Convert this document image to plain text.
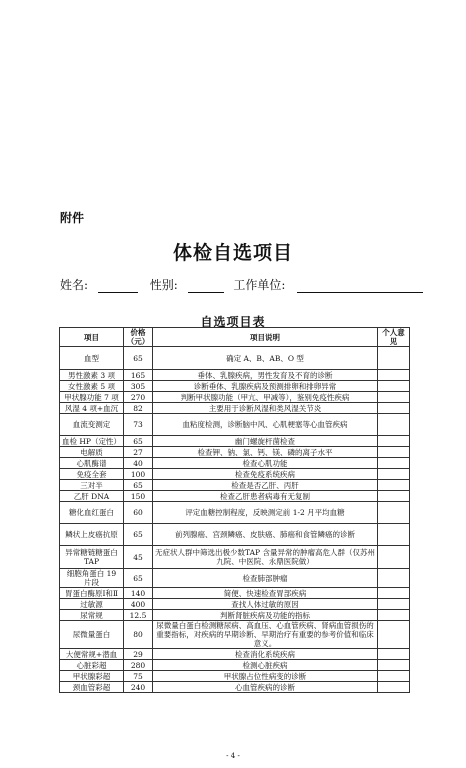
附件
体检自选项目
姓名:	性别:	工作单位:
自选项目表
项目	价格（元）	项目说明	个人意见
血型	65	确定 A、B、AB、O 型	
男性激素 3 项	165	垂体、乳腺疾病，男性发育及不育的诊断	
女性激素 5 项	305	诊断垂体、乳腺疾病及预测排卵和排卵异常	
甲状腺功能 7 项	270	判断甲状腺功能（甲亢、甲减等），鉴别免疫性疾病	
风湿 4 项+血沉	82	主要用于诊断风湿和类风湿关节炎	
血流变测定	73	血粘度检测，诊断脑中风、心肌梗塞等心血管疾病	
血检 HP（定性）	65	幽门螺旋杆菌检查	
电解质	27	检查钾、钠、氯、钙、镁、磷的离子水平	
心肌酶谱	40	检查心肌功能	
免疫全套	100	检查免疫系统疾病	
三对半	65	检查是否乙肝、丙肝	
乙肝 DNA	150	检查乙肝患者病毒有无复制	
糖化血红蛋白	60	评定血糖控制程度，反映测定前 1-2 月平均血糖	
鳞状上皮癌抗原	65	前列腺癌、宫颈鳞癌、皮肤癌、肺癌和食管鳞癌的诊断	
异常糖链糖蛋白 TAP	45	无症状人群中筛选出极少数TAP 含量异常的肿瘤高危人群（仅苏州九院、中医院、永鼎医院做）	
细胞角蛋白 19 片段	65	检查肺部肿瘤	
胃蛋白酶原Ⅰ和Ⅱ	140	简便、快速检查胃部疾病	
过敏源	400	查找人体过敏的原因	
尿常规	12.5	判断肾脏疾病及功能的指标	
尿微量蛋白	80	尿微量白蛋白检测糖尿病、高血压、心血管疾病、肾病血管损伤的重要指标，对疾病的早期诊断、早期治疗有重要的参考价值和临床意义。	
大便常规+潜血	29	检查消化系统疾病	
心脏彩超	280	检测心脏疾病	
甲状腺彩超	75	甲状腺占位性病变的诊断	
颈血管彩超	240	心血管疾病的诊断	
- 4 -
